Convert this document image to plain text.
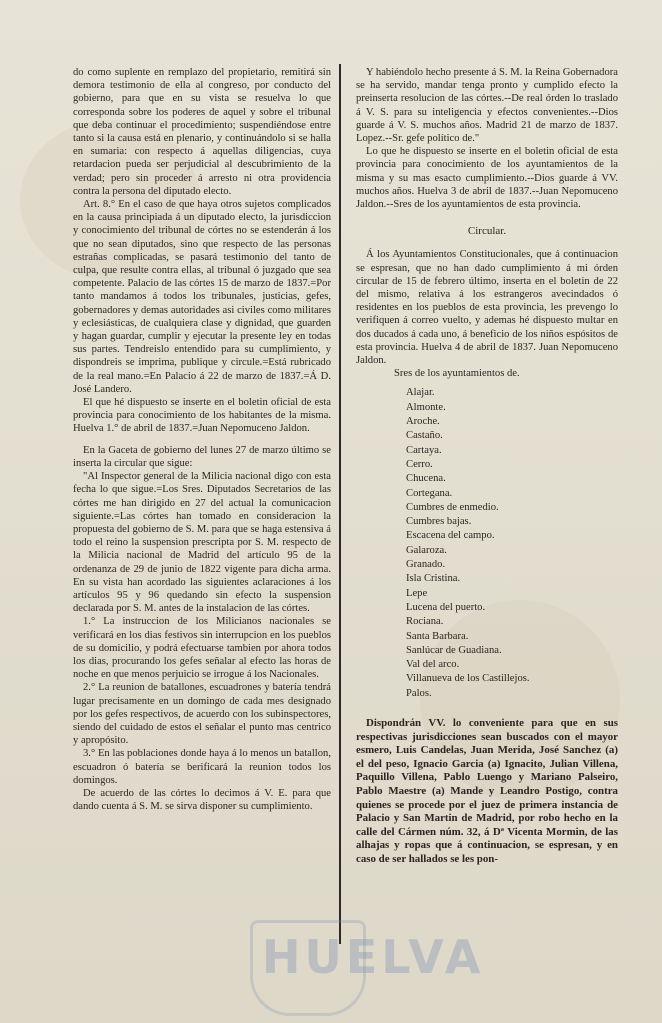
do como suplente en remplazo del propietario, remitirá sin demora testimonio de ella al congreso, por conducto del gobierno, para que en su vista se resuelva lo que corresponda sobre los poderes de aquel y sobre el tribunal que deba continuar el procedimiento; suspendiéndose entre tanto si la causa está en plenario, y continuándolo si se halla en sumaria: con respecto á aquellas diligencias, cuya retardacion pueda ser perjudicial al descubrimiento de la verdad; pero sin proceder á arresto ni otra providencia contra la persona del diputado electo.

Art. 8.° En el caso de que haya otros sujetos complicados en la causa principiada á un diputado electo, la jurisdiccion y conocimiento del tribunal de córtes no se estenderán á los que no sean diputados, sino que respecto de las personas estrañas complicadas, se pasará testimonio del tanto de culpa, que resulte contra ellas, al tribunal ó juzgado que sea competente. Palacio de las córtes 15 de marzo de 1837.=Por tanto mandamos á todos los tribunales, justicias, gefes, gobernadores y demas autoridades asi civiles como militares y eclesiásticas, de cualquiera clase y dignidad, que guarden y hagan guardar, cumplir y ejecutar la presente ley en todas sus partes. Tendreislo entendido para su cumplimiento, y dispondreis se imprima, publique y circule.=Está rubricado de la real mano.=En Palacio á 22 de marzo de 1837.=Á D. José Landero.

El que hé dispuesto se inserte en el boletin oficial de esta provincia para conocimiento de los habitantes de la misma. Huelva 1.° de abril de 1837.=Juan Nepomuceno Jaldon.

En la Gaceta de gobierno del lunes 27 de marzo último se inserta la circular que sigue:

"Al Inspector general de la Milicia nacional digo con esta fecha lo que sigue.=Los Sres. Diputados Secretarios de las córtes me han dirigido en 27 del actual la comunicacion siguiente.=Las córtes han tomado en consideracion la propuesta del gobierno de S. M. para que se haga estensiva á todo el reino la suspension prescripta por S. M. respecto de la Milicia nacional de Madrid del artículo 95 de la ordenanza de 29 de junio de 1822 vigente para dicha arma. En su vista han acordado las siguientes aclaraciones á los artículos 95 y 96 quedando sin efecto la suspension declarada por S. M. antes de la instalacion de las córtes.

1.° La instruccion de los Milicianos nacionales se verificará en los dias festivos sin interrupcion en los pueblos de su domicilio, y podrá efectuarse tambien por ahora todos los dias, procurando los gefes señalar al efecto las horas de noche en que menos perjuicio se irrogue á los Nacionales.

2.° La reunion de batallones, escuadrones y batería tendrá lugar precisamente en un domingo de cada mes designado por los gefes respectivos, de acuerdo con los subinspectores, siendo del cuidado de estos el señalar el punto mas centrico y apropósito.

3.° En las poblaciones donde haya á lo menos un batallon, escuadron ó batería se berificará la reunion todos los domingos.

De acuerdo de las córtes lo decimos á V. E. para que dando cuenta á S. M. se sirva disponer su cumplimiento.

Y habiéndolo hecho presente á S. M. la Reina Gobernadora se ha servido, mandar tenga pronto y cumplido efecto la preinserta resolucion de las córtes.--De real órden lo traslado á V. S. para su inteligencia y efectos convenientes.--Dios guarde á V. S. muchos años. Madrid 21 de marzo de 1837. Lopez.--Sr. gefe político de."

Lo que he dispuesto se inserte en el boletin oficial de esta provincia para conocimiento de los ayuntamientos de la misma y su mas esacto cumplimiento.--Dios guarde á VV. muchos años. Huelva 3 de abril de 1837.--Juan Nepomuceno Jaldon.--Sres de los ayuntamientos de esta provincia.

Circular.

Á los Ayuntamientos Constitucionales, que á continuacion se espresan, que no han dado cumplimiento á mi órden circular de 15 de febrero último, inserta en el boletin de 22 del mismo, relativa á los estrangeros avecindados ó residentes en los pueblos de esta provincia, les prevengo lo verifiquen á correo vuelto, y ademas hé dispuesto multar en dos ducados á cada uno, á beneficio de los niños espósitos de esta provincia. Huelva 4 de abril de 1837. Juan Nepomuceno Jaldon.

Sres de los ayuntamientos de.

Alajar.
Almonte.
Aroche.
Castaño.
Cartaya.
Cerro.
Chucena.
Cortegana.
Cumbres de enmedio.
Cumbres bajas.
Escacena del campo.
Galaroza.
Granado.
Isla Cristina.
Lepe
Lucena del puerto.
Rociana.
Santa Barbara.
Sanlúcar de Guadiana.
Val del arco.
Villanueva de los Castillejos.
Palos.

Dispondrán VV. lo conveniente para que en sus respectivas jurisdicciones sean buscados con el mayor esmero, Luis Candelas, Juan Merida, José Sanchez (a) el del peso, Ignacio Garcia (a) Ignacito, Julian Villena, Paquillo Villena, Pablo Luengo y Mariano Palseiro, Pablo Maestre (a) Mande y Leandro Postigo, contra quienes se procede por el juez de primera instancia de Palacio y San Martin de Madrid, por robo hecho en la calle del Cármen núm. 32, á Dª Vicenta Mormin, de las alhajas y ropas que á continuacion, se espresan, y en caso de ser hallados se les pon-

HUELVA
